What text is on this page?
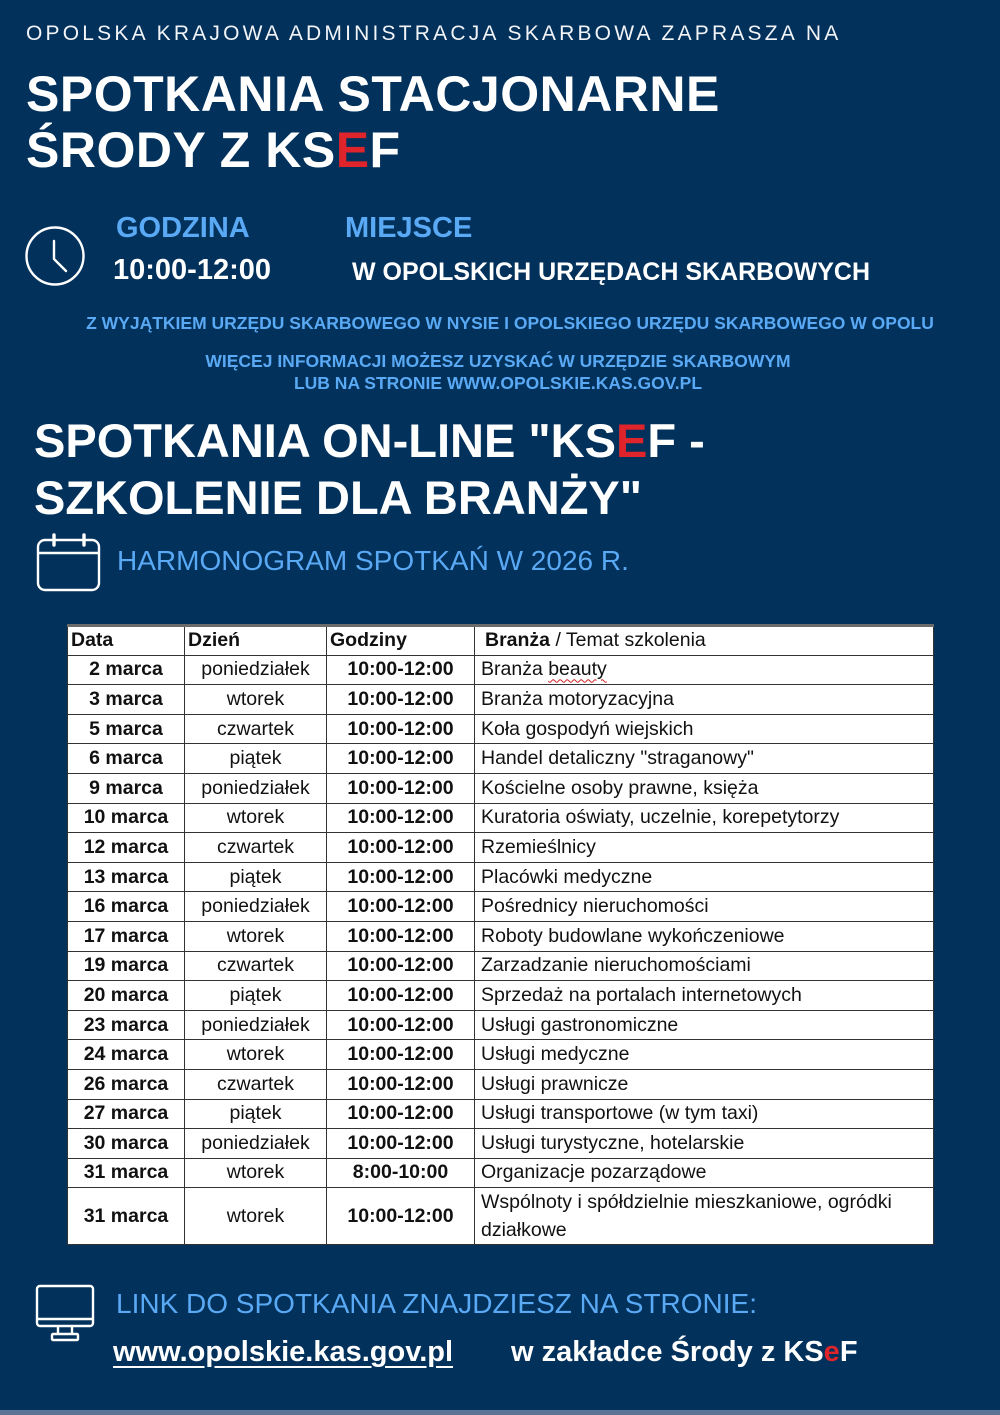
OPOLSKA KRAJOWA ADMINISTRACJA SKARBOWA ZAPRASZA NA
SPOTKANIA STACJONARNE
ŚRODY Z KSEF
GODZINA	MIEJSCE
10:00-12:00	W OPOLSKICH URZĘDACH SKARBOWYCH
Z WYJĄTKIEM URZĘDU SKARBOWEGO W NYSIE I OPOLSKIEGO URZĘDU SKARBOWEGO W OPOLU
WIĘCEJ INFORMACJI MOŻESZ UZYSKAĆ W URZĘDZIE SKARBOWYM
LUB NA STRONIE WWW.OPOLSKIE.KAS.GOV.PL
SPOTKANIA ON-LINE "KSEF -
SZKOLENIE DLA BRANŻY"
HARMONOGRAM SPOTKAŃ W 2026 R.
Data	Dzień	Godziny	Branża / Temat szkolenia
2 marca	poniedziałek	10:00-12:00	Branża beauty
3 marca	wtorek	10:00-12:00	Branża motoryzacyjna
5 marca	czwartek	10:00-12:00	Koła gospodyń wiejskich
6 marca	piątek	10:00-12:00	Handel detaliczny "straganowy"
9 marca	poniedziałek	10:00-12:00	Kościelne osoby prawne, księża
10 marca	wtorek	10:00-12:00	Kuratoria oświaty, uczelnie, korepetytorzy
12 marca	czwartek	10:00-12:00	Rzemieślnicy
13 marca	piątek	10:00-12:00	Placówki medyczne
16 marca	poniedziałek	10:00-12:00	Pośrednicy nieruchomości
17 marca	wtorek	10:00-12:00	Roboty budowlane wykończeniowe
19 marca	czwartek	10:00-12:00	Zarzadzanie nieruchomościami
20 marca	piątek	10:00-12:00	Sprzedaż na portalach internetowych
23 marca	poniedziałek	10:00-12:00	Usługi gastronomiczne
24 marca	wtorek	10:00-12:00	Usługi medyczne
26 marca	czwartek	10:00-12:00	Usługi prawnicze
27 marca	piątek	10:00-12:00	Usługi transportowe (w tym taxi)
30 marca	poniedziałek	10:00-12:00	Usługi turystyczne, hotelarskie
31 marca	wtorek	8:00-10:00	Organizacje pozarządowe
31 marca	wtorek	10:00-12:00	Wspólnoty i spółdzielnie mieszkaniowe, ogródki działkowe
LINK DO SPOTKANIA ZNAJDZIESZ NA STRONIE:
www.opolskie.kas.gov.pl w zakładce Środy z KSeF
